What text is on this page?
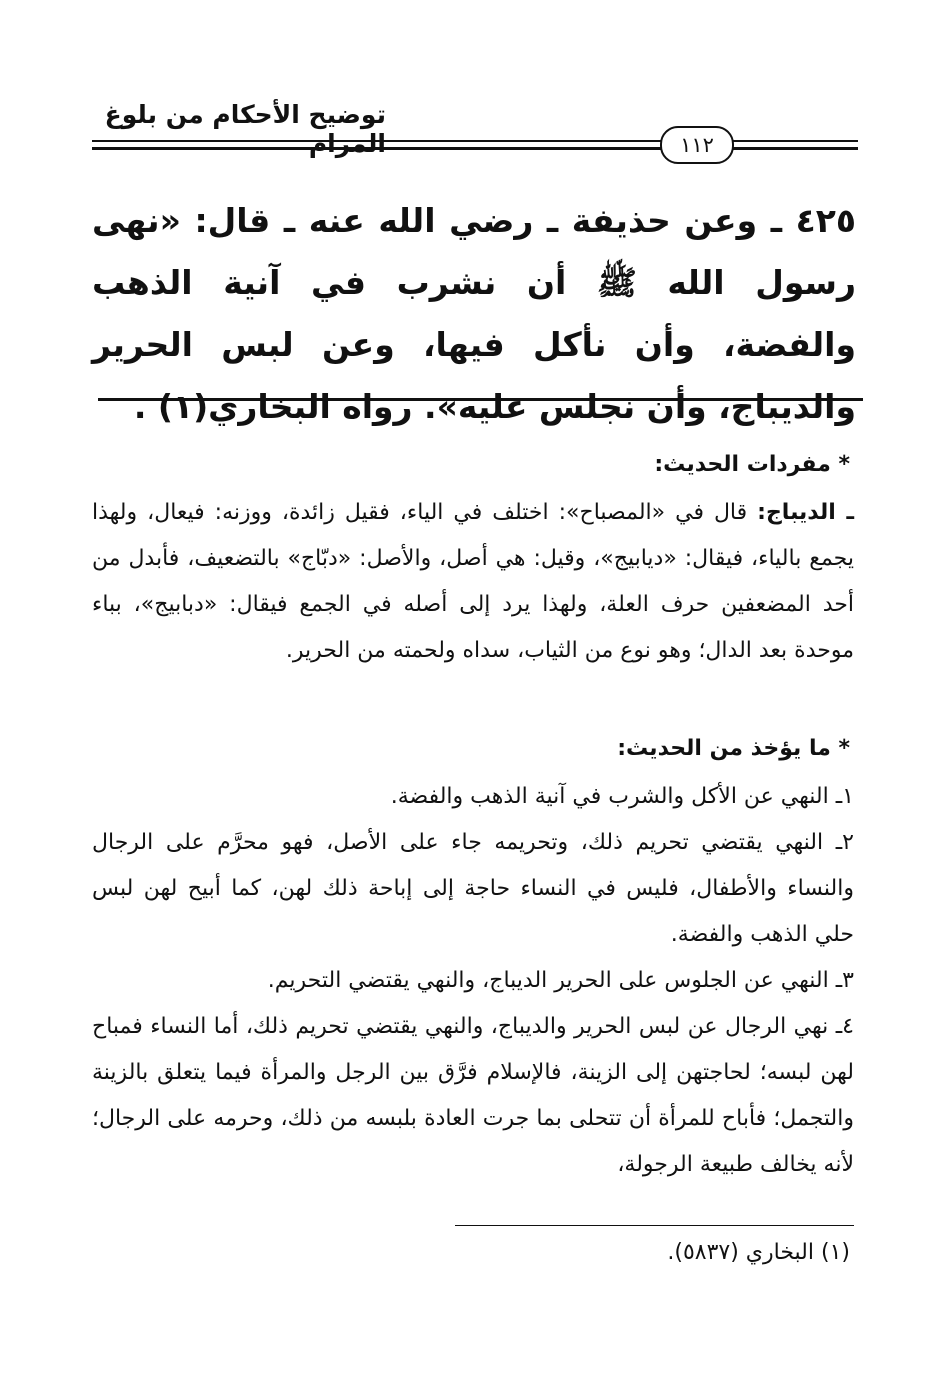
توضيح الأحكام من بلوغ المرام	١١٢
٤٢٥ ـ وعن حذيفة ـ رضي الله عنه ـ قال: «نهى رسول الله ﷺ أن نشرب في آنية الذهب والفضة، وأن نأكل فيها، وعن لبس الحرير والديباج، وأن نجلس عليه». رواه البخاري(١) .
* مفردات الحديث:
ـ الديباج: قال في «المصباح»: اختلف في الياء، فقيل زائدة، ووزنه: فيعال، ولهذا يجمع بالياء، فيقال: «ديابيج»، وقيل: هي أصل، والأصل: «دبّاج» بالتضعيف، فأبدل من أحد المضعفين حرف العلة، ولهذا يرد إلى أصله في الجمع فيقال: «دبابيج»، بباء موحدة بعد الدال؛ وهو نوع من الثياب، سداه ولحمته من الحرير.
* ما يؤخذ من الحديث:
١ـ النهي عن الأكل والشرب في آنية الذهب والفضة.
٢ـ النهي يقتضي تحريم ذلك، وتحريمه جاء على الأصل، فهو محرَّم على الرجال والنساء والأطفال، فليس في النساء حاجة إلى إباحة ذلك لهن، كما أبيح لهن لبس حلي الذهب والفضة.
٣ـ النهي عن الجلوس على الحرير الديباج، والنهي يقتضي التحريم.
٤ـ نهي الرجال عن لبس الحرير والديباج، والنهي يقتضي تحريم ذلك، أما النساء فمباح لهن لبسه؛ لحاجتهن إلى الزينة، فالإسلام فرَّق بين الرجل والمرأة فيما يتعلق بالزينة والتجمل؛ فأباح للمرأة أن تتحلى بما جرت العادة بلبسه من ذلك، وحرمه على الرجال؛ لأنه يخالف طبيعة الرجولة،
(١) البخاري (٥٨٣٧).
